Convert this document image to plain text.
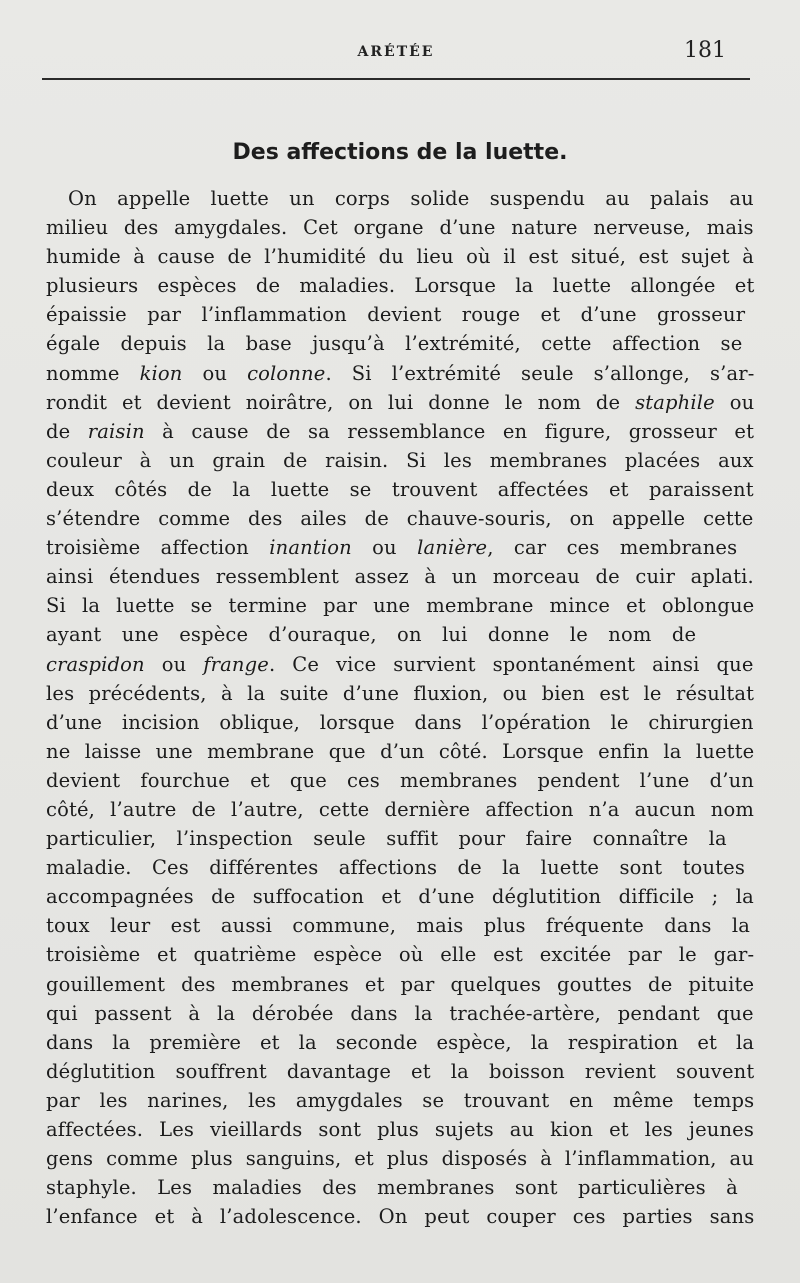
ARÉTÉE	181
Des affections de la luette.
On appelle luette un corps solide suspendu au palais au
milieu des amygdales. Cet organe d’une nature nerveuse, mais
humide à cause de l’humidité du lieu où il est situé, est sujet à
plusieurs espèces de maladies. Lorsque la luette allongée et
épaissie par l’inflammation devient rouge et d’une grosseur
égale depuis la base jusqu’à l’extrémité, cette affection se
nomme kion ou colonne. Si l’extrémité seule s’allonge, s’ar-
rondit et devient noirâtre, on lui donne le nom de staphile ou
de raisin à cause de sa ressemblance en figure, grosseur et
couleur à un grain de raisin. Si les membranes placées aux
deux côtés de la luette se trouvent affectées et paraissent
s’étendre comme des ailes de chauve-souris, on appelle cette
troisième affection inantion ou lanière, car ces membranes
ainsi étendues ressemblent assez à un morceau de cuir aplati.
Si la luette se termine par une membrane mince et oblongue
ayant une espèce d’ouraque, on lui donne le nom de
craspidon ou frange. Ce vice survient spontanément ainsi que
les précédents, à la suite d’une fluxion, ou bien est le résultat
d’une incision oblique, lorsque dans l’opération le chirurgien
ne laisse une membrane que d’un côté. Lorsque enfin la luette
devient fourchue et que ces membranes pendent l’une d’un
côté, l’autre de l’autre, cette dernière affection n’a aucun nom
particulier, l’inspection seule suffit pour faire connaître la
maladie. Ces différentes affections de la luette sont toutes
accompagnées de suffocation et d’une déglutition difficile ; la
toux leur est aussi commune, mais plus fréquente dans la
troisième et quatrième espèce où elle est excitée par le gar-
gouillement des membranes et par quelques gouttes de pituite
qui passent à la dérobée dans la trachée-artère, pendant que
dans la première et la seconde espèce, la respiration et la
déglutition souffrent davantage et la boisson revient souvent
par les narines, les amygdales se trouvant en même temps
affectées. Les vieillards sont plus sujets au kion et les jeunes
gens comme plus sanguins, et plus disposés à l’inflammation, au
staphyle. Les maladies des membranes sont particulières à
l’enfance et à l’adolescence. On peut couper ces parties sans
